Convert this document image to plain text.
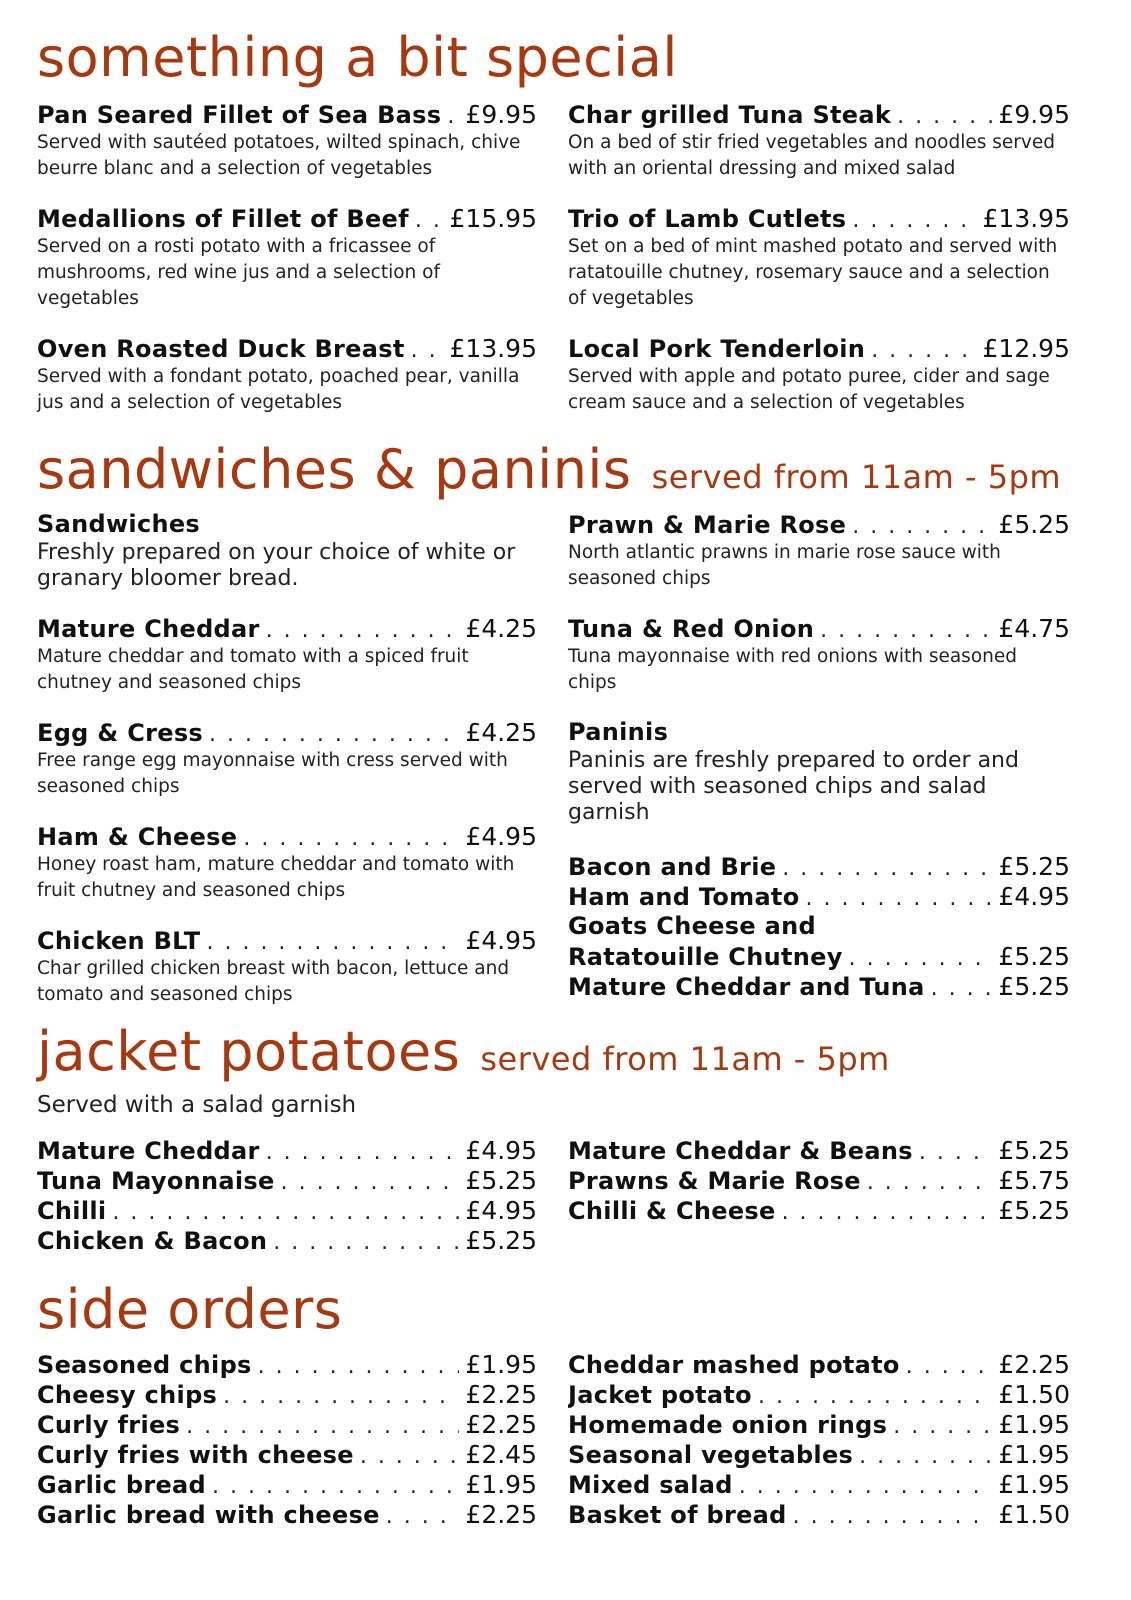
something a bit special
Pan Seared Fillet of Sea Bass . . . £9.95
Served with sautéed potatoes, wilted spinach, chive beurre blanc and a selection of vegetables
Medallions of Fillet of Beef . . . £15.95
Served on a rosti potato with a fricassee of mushrooms, red wine jus and a selection of vegetables
Oven Roasted Duck Breast . . . £13.95
Served with a fondant potato, poached pear, vanilla jus and a selection of vegetables
Char grilled Tuna Steak . . .	£9.95
On a bed of stir fried vegetables and noodles served with an oriental dressing and mixed salad
Trio of Lamb Cutlets . . .	£13.95
Set on a bed of mint mashed potato and served with ratatouille chutney, rosemary sauce and a selection of vegetables
Local Pork Tenderloin . . .	£12.95
Served with apple and potato puree, cider and sage cream sauce and a selection of vegetables
sandwiches & paninis served from 11am - 5pm
Sandwiches
Freshly prepared on your choice of white or granary bloomer bread.
Mature Cheddar . . .	£4.25
Mature cheddar and tomato with a spiced fruit chutney and seasoned chips
Egg & Cress . . .	£4.25
Free range egg mayonnaise with cress served with seasoned chips
Ham & Cheese . . .	£4.95
Honey roast ham, mature cheddar and tomato with fruit chutney and seasoned chips
Chicken BLT . . .	£4.95
Char grilled chicken breast with bacon, lettuce and tomato and seasoned chips
Prawn & Marie Rose . . .	£5.25
North atlantic prawns in marie rose sauce with seasoned chips
Tuna & Red Onion . . .	£4.75
Tuna mayonnaise with red onions with seasoned chips
Paninis
Paninis are freshly prepared to order and served with seasoned chips and salad garnish
Bacon and Brie . . .	£5.25
Ham and Tomato . . .	£4.95
Goats Cheese and
Ratatouille Chutney . . .	£5.25
Mature Cheddar and Tuna . . .	£5.25
jacket potatoes served from 11am - 5pm
Served with a salad garnish
Mature Cheddar . . .	£4.95
Tuna Mayonnaise . . .	£5.25
Chilli . . .	£4.95
Chicken & Bacon . . .	£5.25
Mature Cheddar & Beans . . .	£5.25
Prawns & Marie Rose . . .	£5.75
Chilli & Cheese . . .	£5.25
side orders
Seasoned chips . . .	£1.95
Cheesy chips . . .	£2.25
Curly fries . . .	£2.25
Curly fries with cheese . . .	£2.45
Garlic bread . . .	£1.95
Garlic bread with cheese . . .	£2.25
Cheddar mashed potato . . .	£2.25
Jacket potato . . .	£1.50
Homemade onion rings . . .	£1.95
Seasonal vegetables . . .	£1.95
Mixed salad . . .	£1.95
Basket of bread . . .	£1.50
